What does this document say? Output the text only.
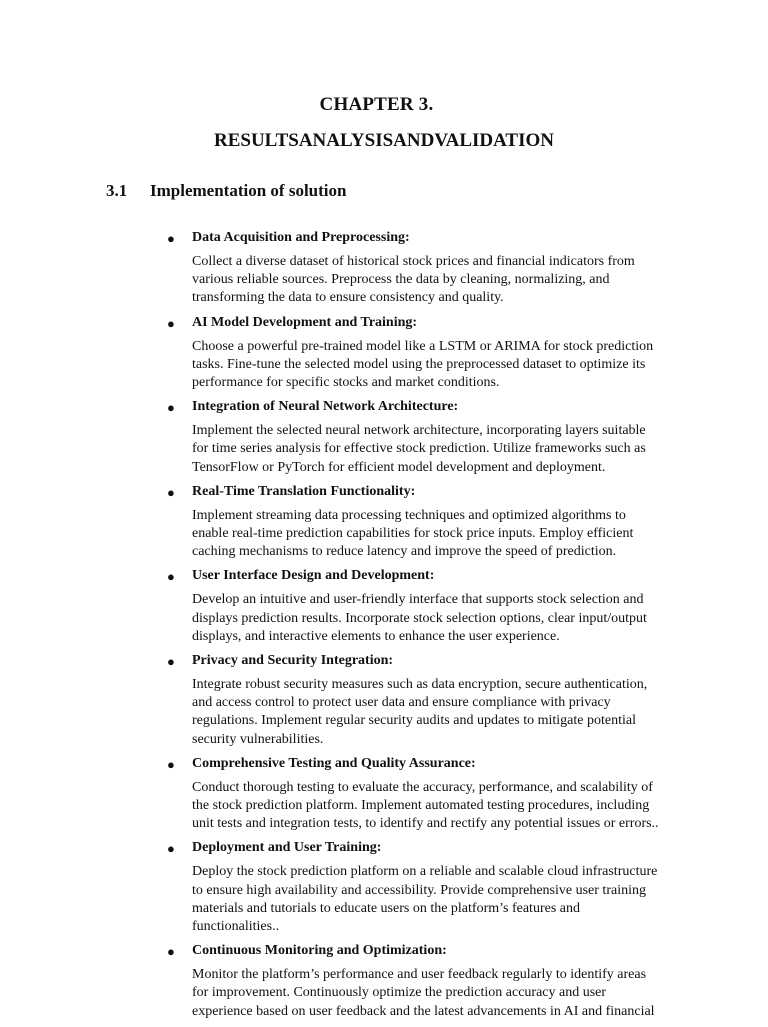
CHAPTER 3.
RESULTSANALYSISANDVALIDATION
3.1 Implementation of solution
● Data Acquisition and Preprocessing:
Collect a diverse dataset of historical stock prices and financial indicators from
various reliable sources. Preprocess the data by cleaning, normalizing, and
transforming the data to ensure consistency and quality.
● AI Model Development and Training:
Choose a powerful pre-trained model like a LSTM or ARIMA for stock prediction
tasks. Fine-tune the selected model using the preprocessed dataset to optimize its
performance for specific stocks and market conditions.
● Integration of Neural Network Architecture:
Implement the selected neural network architecture, incorporating layers suitable
for time series analysis for effective stock prediction. Utilize frameworks such as
TensorFlow or PyTorch for efficient model development and deployment.
● Real-Time Translation Functionality:
Implement streaming data processing techniques and optimized algorithms to
enable real-time prediction capabilities for stock price inputs. Employ efficient
caching mechanisms to reduce latency and improve the speed of prediction.
● User Interface Design and Development:
Develop an intuitive and user-friendly interface that supports stock selection and
displays prediction results. Incorporate stock selection options, clear input/output
displays, and interactive elements to enhance the user experience.
● Privacy and Security Integration:
Integrate robust security measures such as data encryption, secure authentication,
and access control to protect user data and ensure compliance with privacy
regulations. Implement regular security audits and updates to mitigate potential
security vulnerabilities.
● Comprehensive Testing and Quality Assurance:
Conduct thorough testing to evaluate the accuracy, performance, and scalability of
the stock prediction platform. Implement automated testing procedures, including
unit tests and integration tests, to identify and rectify any potential issues or errors..
● Deployment and User Training:
Deploy the stock prediction platform on a reliable and scalable cloud infrastructure
to ensure high availability and accessibility. Provide comprehensive user training
materials and tutorials to educate users on the platform’s features and
functionalities..
● Continuous Monitoring and Optimization:
Monitor the platform’s performance and user feedback regularly to identify areas
for improvement. Continuously optimize the prediction accuracy and user
experience based on user feedback and the latest advancements in AI and financial
